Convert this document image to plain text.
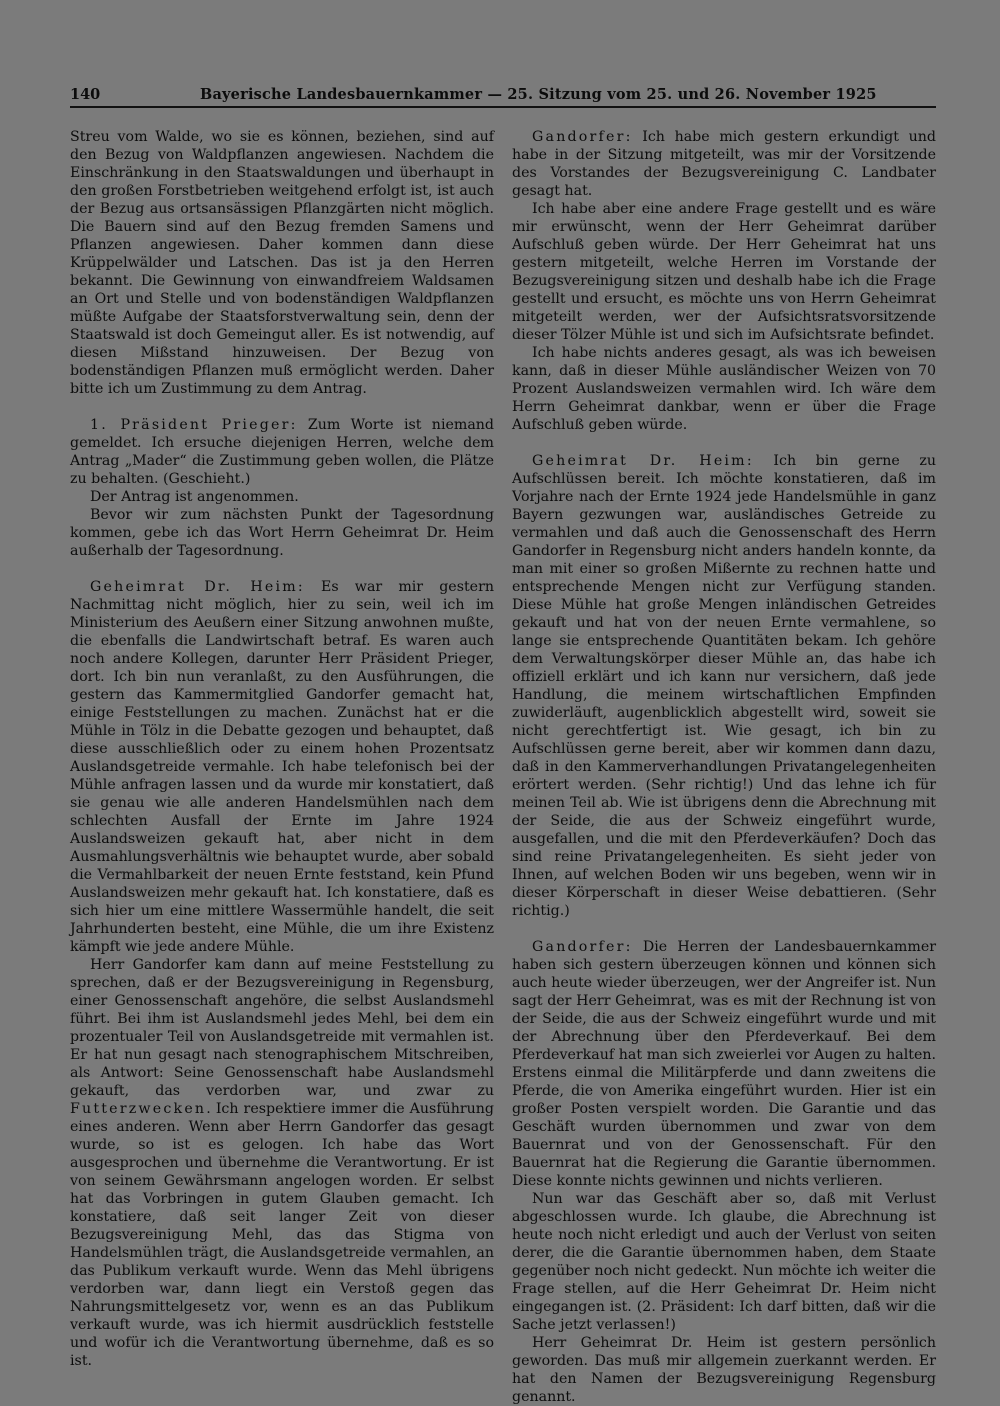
140	Bayerische Landesbauernkammer — 25. Sitzung vom 25. und 26. November 1925

Streu vom Walde, wo sie es können, beziehen, sind auf den Bezug von Waldpflanzen angewiesen. Nachdem die Einschränkung in den Staatswaldungen und überhaupt in den großen Forstbetrieben weitgehend erfolgt ist, ist auch der Bezug aus ortsansässigen Pflanzgärten nicht möglich. Die Bauern sind auf den Bezug fremden Samens und Pflanzen angewiesen. Daher kommen dann diese Krüppelwälder und Latschen. Das ist ja den Herren bekannt. Die Gewinnung von einwandfreiem Waldsamen an Ort und Stelle und von bodenständigen Waldpflanzen müßte Aufgabe der Staatsforstverwaltung sein, denn der Staatswald ist doch Gemeingut aller. Es ist notwendig, auf diesen Mißstand hinzuweisen. Der Bezug von bodenständigen Pflanzen muß ermöglicht werden. Daher bitte ich um Zustimmung zu dem Antrag.

1. Präsident Prieger: Zum Worte ist niemand gemeldet. Ich ersuche diejenigen Herren, welche dem Antrag „Mader“ die Zustimmung geben wollen, die Plätze zu behalten. (Geschieht.)

Der Antrag ist angenommen.

Bevor wir zum nächsten Punkt der Tagesordnung kommen, gebe ich das Wort Herrn Geheimrat Dr. Heim außerhalb der Tagesordnung.

Geheimrat Dr. Heim: Es war mir gestern Nachmittag nicht möglich, hier zu sein, weil ich im Ministerium des Aeußern einer Sitzung anwohnen mußte, die ebenfalls die Landwirtschaft betraf. Es waren auch noch andere Kollegen, darunter Herr Präsident Prieger, dort. Ich bin nun veranlaßt, zu den Ausführungen, die gestern das Kammermitglied Gandorfer gemacht hat, einige Feststellungen zu machen. Zunächst hat er die Mühle in Tölz in die Debatte gezogen und behauptet, daß diese ausschließlich oder zu einem hohen Prozentsatz Auslandsgetreide vermahle. Ich habe telefonisch bei der Mühle anfragen lassen und da wurde mir konstatiert, daß sie genau wie alle anderen Handelsmühlen nach dem schlechten Ausfall der Ernte im Jahre 1924 Auslandsweizen gekauft hat, aber nicht in dem Ausmahlungsverhältnis wie behauptet wurde, aber sobald die Vermahlbarkeit der neuen Ernte feststand, kein Pfund Auslandsweizen mehr gekauft hat. Ich konstatiere, daß es sich hier um eine mittlere Wassermühle handelt, die seit Jahrhunderten besteht, eine Mühle, die um ihre Existenz kämpft wie jede andere Mühle.

Herr Gandorfer kam dann auf meine Feststellung zu sprechen, daß er der Bezugsvereinigung in Regensburg, einer Genossenschaft angehöre, die selbst Auslandsmehl führt. Bei ihm ist Auslandsmehl jedes Mehl, bei dem ein prozentualer Teil von Auslandsgetreide mit vermahlen ist. Er hat nun gesagt nach stenographischem Mitschreiben, als Antwort: Seine Genossenschaft habe Auslandsmehl gekauft, das verdorben war, und zwar zu Futterzwecken. Ich respektiere immer die Ausführung eines anderen. Wenn aber Herrn Gandorfer das gesagt wurde, so ist es gelogen. Ich habe das Wort ausgesprochen und übernehme die Verantwortung. Er ist von seinem Gewährsmann angelogen worden. Er selbst hat das Vorbringen in gutem Glauben gemacht. Ich konstatiere, daß seit langer Zeit von dieser Bezugsvereinigung Mehl, das das Stigma von Handelsmühlen trägt, die Auslandsgetreide vermahlen, an das Publikum verkauft wurde. Wenn das Mehl übrigens verdorben war, dann liegt ein Verstoß gegen das Nahrungsmittelgesetz vor, wenn es an das Publikum verkauft wurde, was ich hiermit ausdrücklich feststelle und wofür ich die Verantwortung übernehme, daß es so ist.

Gandorfer: Ich habe mich gestern erkundigt und habe in der Sitzung mitgeteilt, was mir der Vorsitzende des Vorstandes der Bezugsvereinigung C. Landbater gesagt hat.

Ich habe aber eine andere Frage gestellt und es wäre mir erwünscht, wenn der Herr Geheimrat darüber Aufschluß geben würde. Der Herr Geheimrat hat uns gestern mitgeteilt, welche Herren im Vorstande der Bezugsvereinigung sitzen und deshalb habe ich die Frage gestellt und ersucht, es möchte uns von Herrn Geheimrat mitgeteilt werden, wer der Aufsichtsratsvorsitzende dieser Tölzer Mühle ist und sich im Aufsichtsrate befindet.

Ich habe nichts anderes gesagt, als was ich beweisen kann, daß in dieser Mühle ausländischer Weizen von 70 Prozent Auslandsweizen vermahlen wird. Ich wäre dem Herrn Geheimrat dankbar, wenn er über die Frage Aufschluß geben würde.

Geheimrat Dr. Heim: Ich bin gerne zu Aufschlüssen bereit. Ich möchte konstatieren, daß im Vorjahre nach der Ernte 1924 jede Handelsmühle in ganz Bayern gezwungen war, ausländisches Getreide zu vermahlen und daß auch die Genossenschaft des Herrn Gandorfer in Regensburg nicht anders handeln konnte, da man mit einer so großen Mißernte zu rechnen hatte und entsprechende Mengen nicht zur Verfügung standen. Diese Mühle hat große Mengen inländischen Getreides gekauft und hat von der neuen Ernte vermahlene, so lange sie entsprechende Quantitäten bekam. Ich gehöre dem Verwaltungskörper dieser Mühle an, das habe ich offiziell erklärt und ich kann nur versichern, daß jede Handlung, die meinem wirtschaftlichen Empfinden zuwiderläuft, augenblicklich abgestellt wird, soweit sie nicht gerechtfertigt ist. Wie gesagt, ich bin zu Aufschlüssen gerne bereit, aber wir kommen dann dazu, daß in den Kammerverhandlungen Privatangelegenheiten erörtert werden. (Sehr richtig!) Und das lehne ich für meinen Teil ab. Wie ist übrigens denn die Abrechnung mit der Seide, die aus der Schweiz eingeführt wurde, ausgefallen, und die mit den Pferdeverkäufen? Doch das sind reine Privatangelegenheiten. Es sieht jeder von Ihnen, auf welchen Boden wir uns begeben, wenn wir in dieser Körperschaft in dieser Weise debattieren. (Sehr richtig.)

Gandorfer: Die Herren der Landesbauernkammer haben sich gestern überzeugen können und können sich auch heute wieder überzeugen, wer der Angreifer ist. Nun sagt der Herr Geheimrat, was es mit der Rechnung ist von der Seide, die aus der Schweiz eingeführt wurde und mit der Abrechnung über den Pferdeverkauf. Bei dem Pferdeverkauf hat man sich zweierlei vor Augen zu halten. Erstens einmal die Militärpferde und dann zweitens die Pferde, die von Amerika eingeführt wurden. Hier ist ein großer Posten verspielt worden. Die Garantie und das Geschäft wurden übernommen und zwar von dem Bauernrat und von der Genossenschaft. Für den Bauernrat hat die Regierung die Garantie übernommen. Diese konnte nichts gewinnen und nichts verlieren.

Nun war das Geschäft aber so, daß mit Verlust abgeschlossen wurde. Ich glaube, die Abrechnung ist heute noch nicht erledigt und auch der Verlust von seiten derer, die die Garantie übernommen haben, dem Staate gegenüber noch nicht gedeckt. Nun möchte ich weiter die Frage stellen, auf die Herr Geheimrat Dr. Heim nicht eingegangen ist. (2. Präsident: Ich darf bitten, daß wir die Sache jetzt verlassen!)

Herr Geheimrat Dr. Heim ist gestern persönlich geworden. Das muß mir allgemein zuerkannt werden. Er hat den Namen der Bezugsvereinigung Regensburg genannt.
